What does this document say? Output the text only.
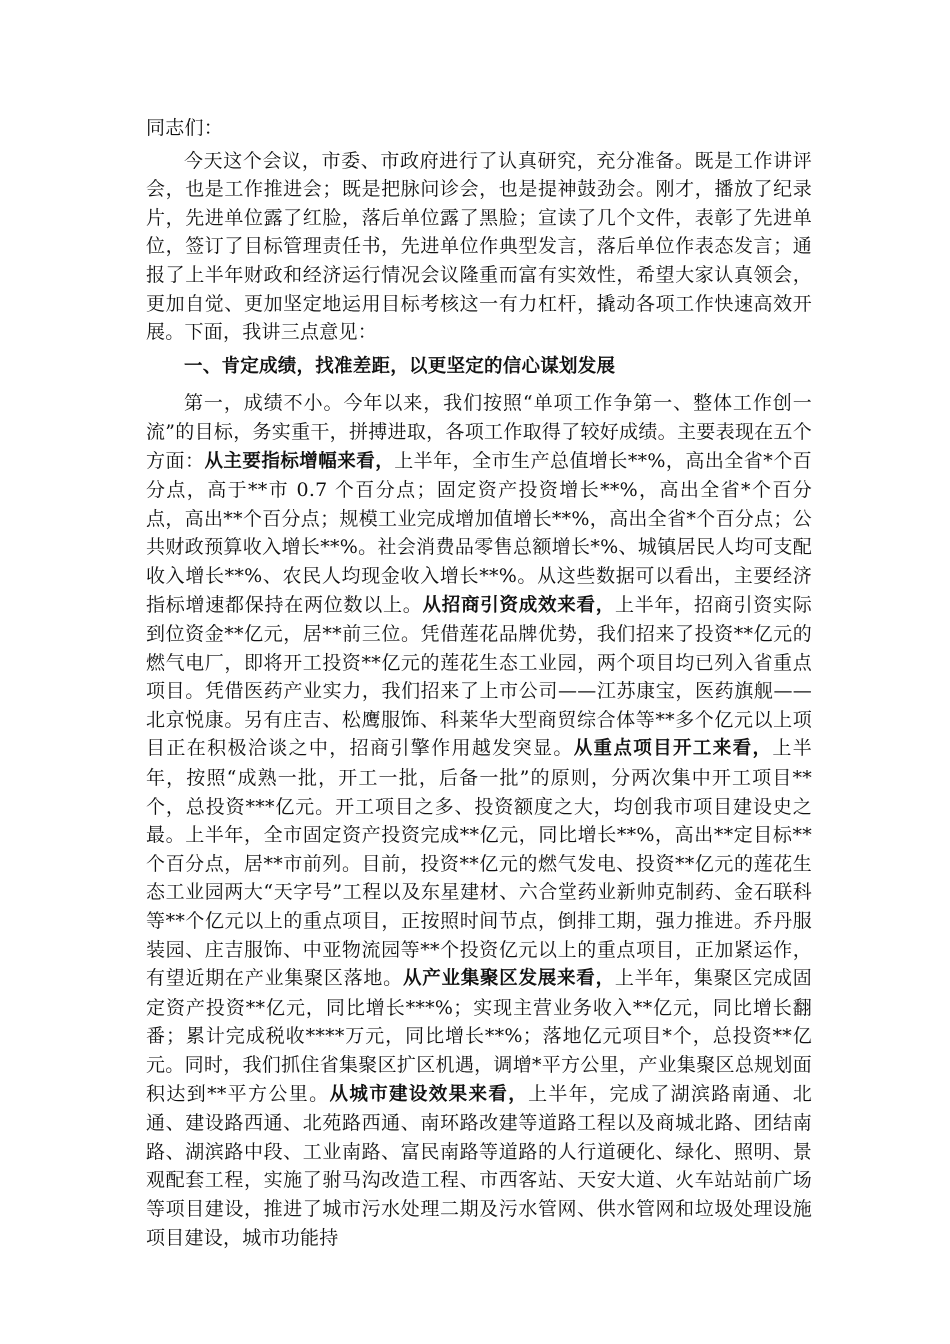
同志们：

今天这个会议，市委、市政府进行了认真研究，充分准备。既是工作讲评会，也是工作推进会；既是把脉问诊会，也是提神鼓劲会。刚才，播放了纪录片，先进单位露了红脸，落后单位露了黑脸；宣读了几个文件，表彰了先进单位，签订了目标管理责任书，先进单位作典型发言，落后单位作表态发言；通报了上半年财政和经济运行情况会议隆重而富有实效性，希望大家认真领会，更加自觉、更加坚定地运用目标考核这一有力杠杆，撬动各项工作快速高效开展。下面，我讲三点意见：

一、肯定成绩，找准差距，以更坚定的信心谋划发展

第一，成绩不小。今年以来，我们按照“单项工作争第一、整体工作创一流”的目标，务实重干，拼搏进取，各项工作取得了较好成绩。主要表现在五个方面：从主要指标增幅来看，上半年，全市生产总值增长**%，高出全省*个百分点，高于**市 0.7 个百分点；固定资产投资增长**%，高出全省*个百分点，高出**个百分点；规模工业完成增加值增长**%，高出全省*个百分点；公共财政预算收入增长**%。社会消费品零售总额增长*%、城镇居民人均可支配收入增长**%、农民人均现金收入增长**%。从这些数据可以看出，主要经济指标增速都保持在两位数以上。从招商引资成效来看，上半年，招商引资实际到位资金**亿元，居**前三位。凭借莲花品牌优势，我们招来了投资**亿元的燃气电厂，即将开工投资**亿元的莲花生态工业园，两个项目均已列入省重点项目。凭借医药产业实力，我们招来了上市公司——江苏康宝，医药旗舰——北京悦康。另有庄吉、松鹰服饰、科莱华大型商贸综合体等**多个亿元以上项目正在积极洽谈之中，招商引擎作用越发突显。从重点项目开工来看，上半年，按照“成熟一批，开工一批，后备一批”的原则，分两次集中开工项目**个，总投资***亿元。开工项目之多、投资额度之大，均创我市项目建设史之最。上半年，全市固定资产投资完成**亿元，同比增长**%，高出**定目标**个百分点，居**市前列。目前，投资**亿元的燃气发电、投资**亿元的莲花生态工业园两大“天字号”工程以及东星建材、六合堂药业新帅克制药、金石联科等**个亿元以上的重点项目，正按照时间节点，倒排工期，强力推进。乔丹服装园、庄吉服饰、中亚物流园等**个投资亿元以上的重点项目，正加紧运作，有望近期在产业集聚区落地。从产业集聚区发展来看，上半年，集聚区完成固定资产投资**亿元，同比增长***%；实现主营业务收入**亿元，同比增长翻番；累计完成税收****万元，同比增长**%；落地亿元项目*个，总投资**亿元。同时，我们抓住省集聚区扩区机遇，调增*平方公里，产业集聚区总规划面积达到**平方公里。从城市建设效果来看，上半年，完成了湖滨路南通、北通、建设路西通、北苑路西通、南环路改建等道路工程以及商城北路、团结南路、湖滨路中段、工业南路、富民南路等道路的人行道硬化、绿化、照明、景观配套工程，实施了驸马沟改造工程、市西客站、天安大道、火车站站前广场等项目建设，推进了城市污水处理二期及污水管网、供水管网和垃圾处理设施项目建设，城市功能持
